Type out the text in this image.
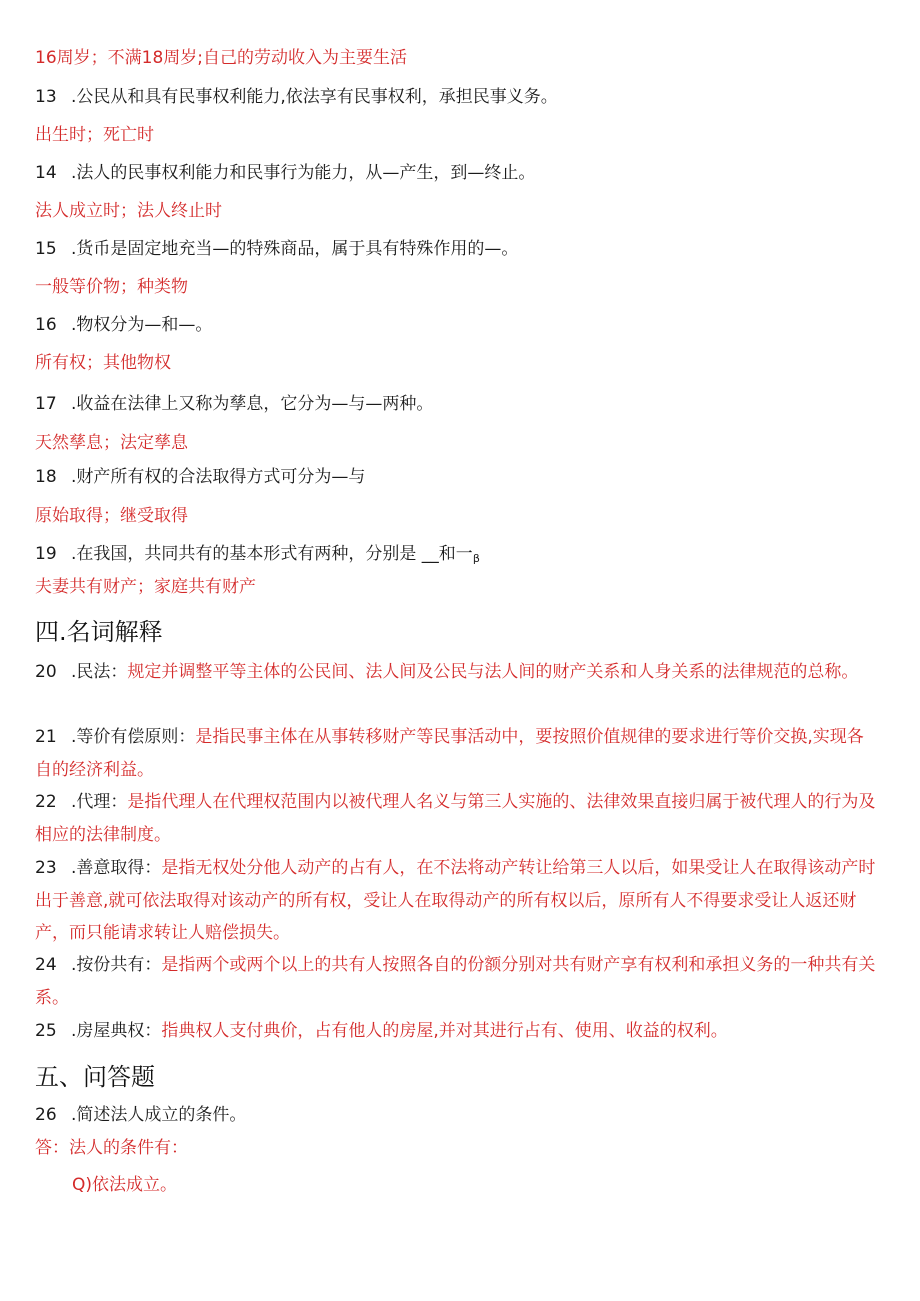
16周岁；不满18周岁;自己的劳动收入为主要生活
13 .公民从和具有民事权利能力,依法享有民事权利，承担民事义务。
出生时；死亡时
14 .法人的民事权利能力和民事行为能力，从—产生，到—终止。
法人成立时；法人终止时
15 .货币是固定地充当—的特殊商品，属于具有特殊作用的—。
一般等价物；种类物
16 .物权分为—和—。
所有权；其他物权
17 .收益在法律上又称为孳息，它分为—与—两种。
天然孳息；法定孳息
18 .财产所有权的合法取得方式可分为—与
原始取得；继受取得
19 .在我国，共同共有的基本形式有两种，分别是 __和一$_\beta$
夫妻共有财产；家庭共有财产
四.名词解释
20 .民法：规定并调整平等主体的公民间、法人间及公民与法人间的财产关系和人身关系的法律规范的总称。
21 .等价有偿原则：是指民事主体在从事转移财产等民事活动中，要按照价值规律的要求进行等价交换,实现各自的经济利益。
22 .代理：是指代理人在代理权范围内以被代理人名义与第三人实施的、法律效果直接归属于被代理人的行为及相应的法律制度。
23 .善意取得：是指无权处分他人动产的占有人，在不法将动产转让给第三人以后，如果受让人在取得该动产时出于善意,就可依法取得对该动产的所有权，受让人在取得动产的所有权以后，原所有人不得要求受让人返还财产，而只能请求转让人赔偿损失。
24 .按份共有：是指两个或两个以上的共有人按照各自的份额分别对共有财产享有权利和承担义务的一种共有关系。
25 .房屋典权：指典权人支付典价，占有他人的房屋,并对其进行占有、使用、收益的权利。
五、问答题
26 .简述法人成立的条件。
答：法人的条件有：
Q)依法成立。
